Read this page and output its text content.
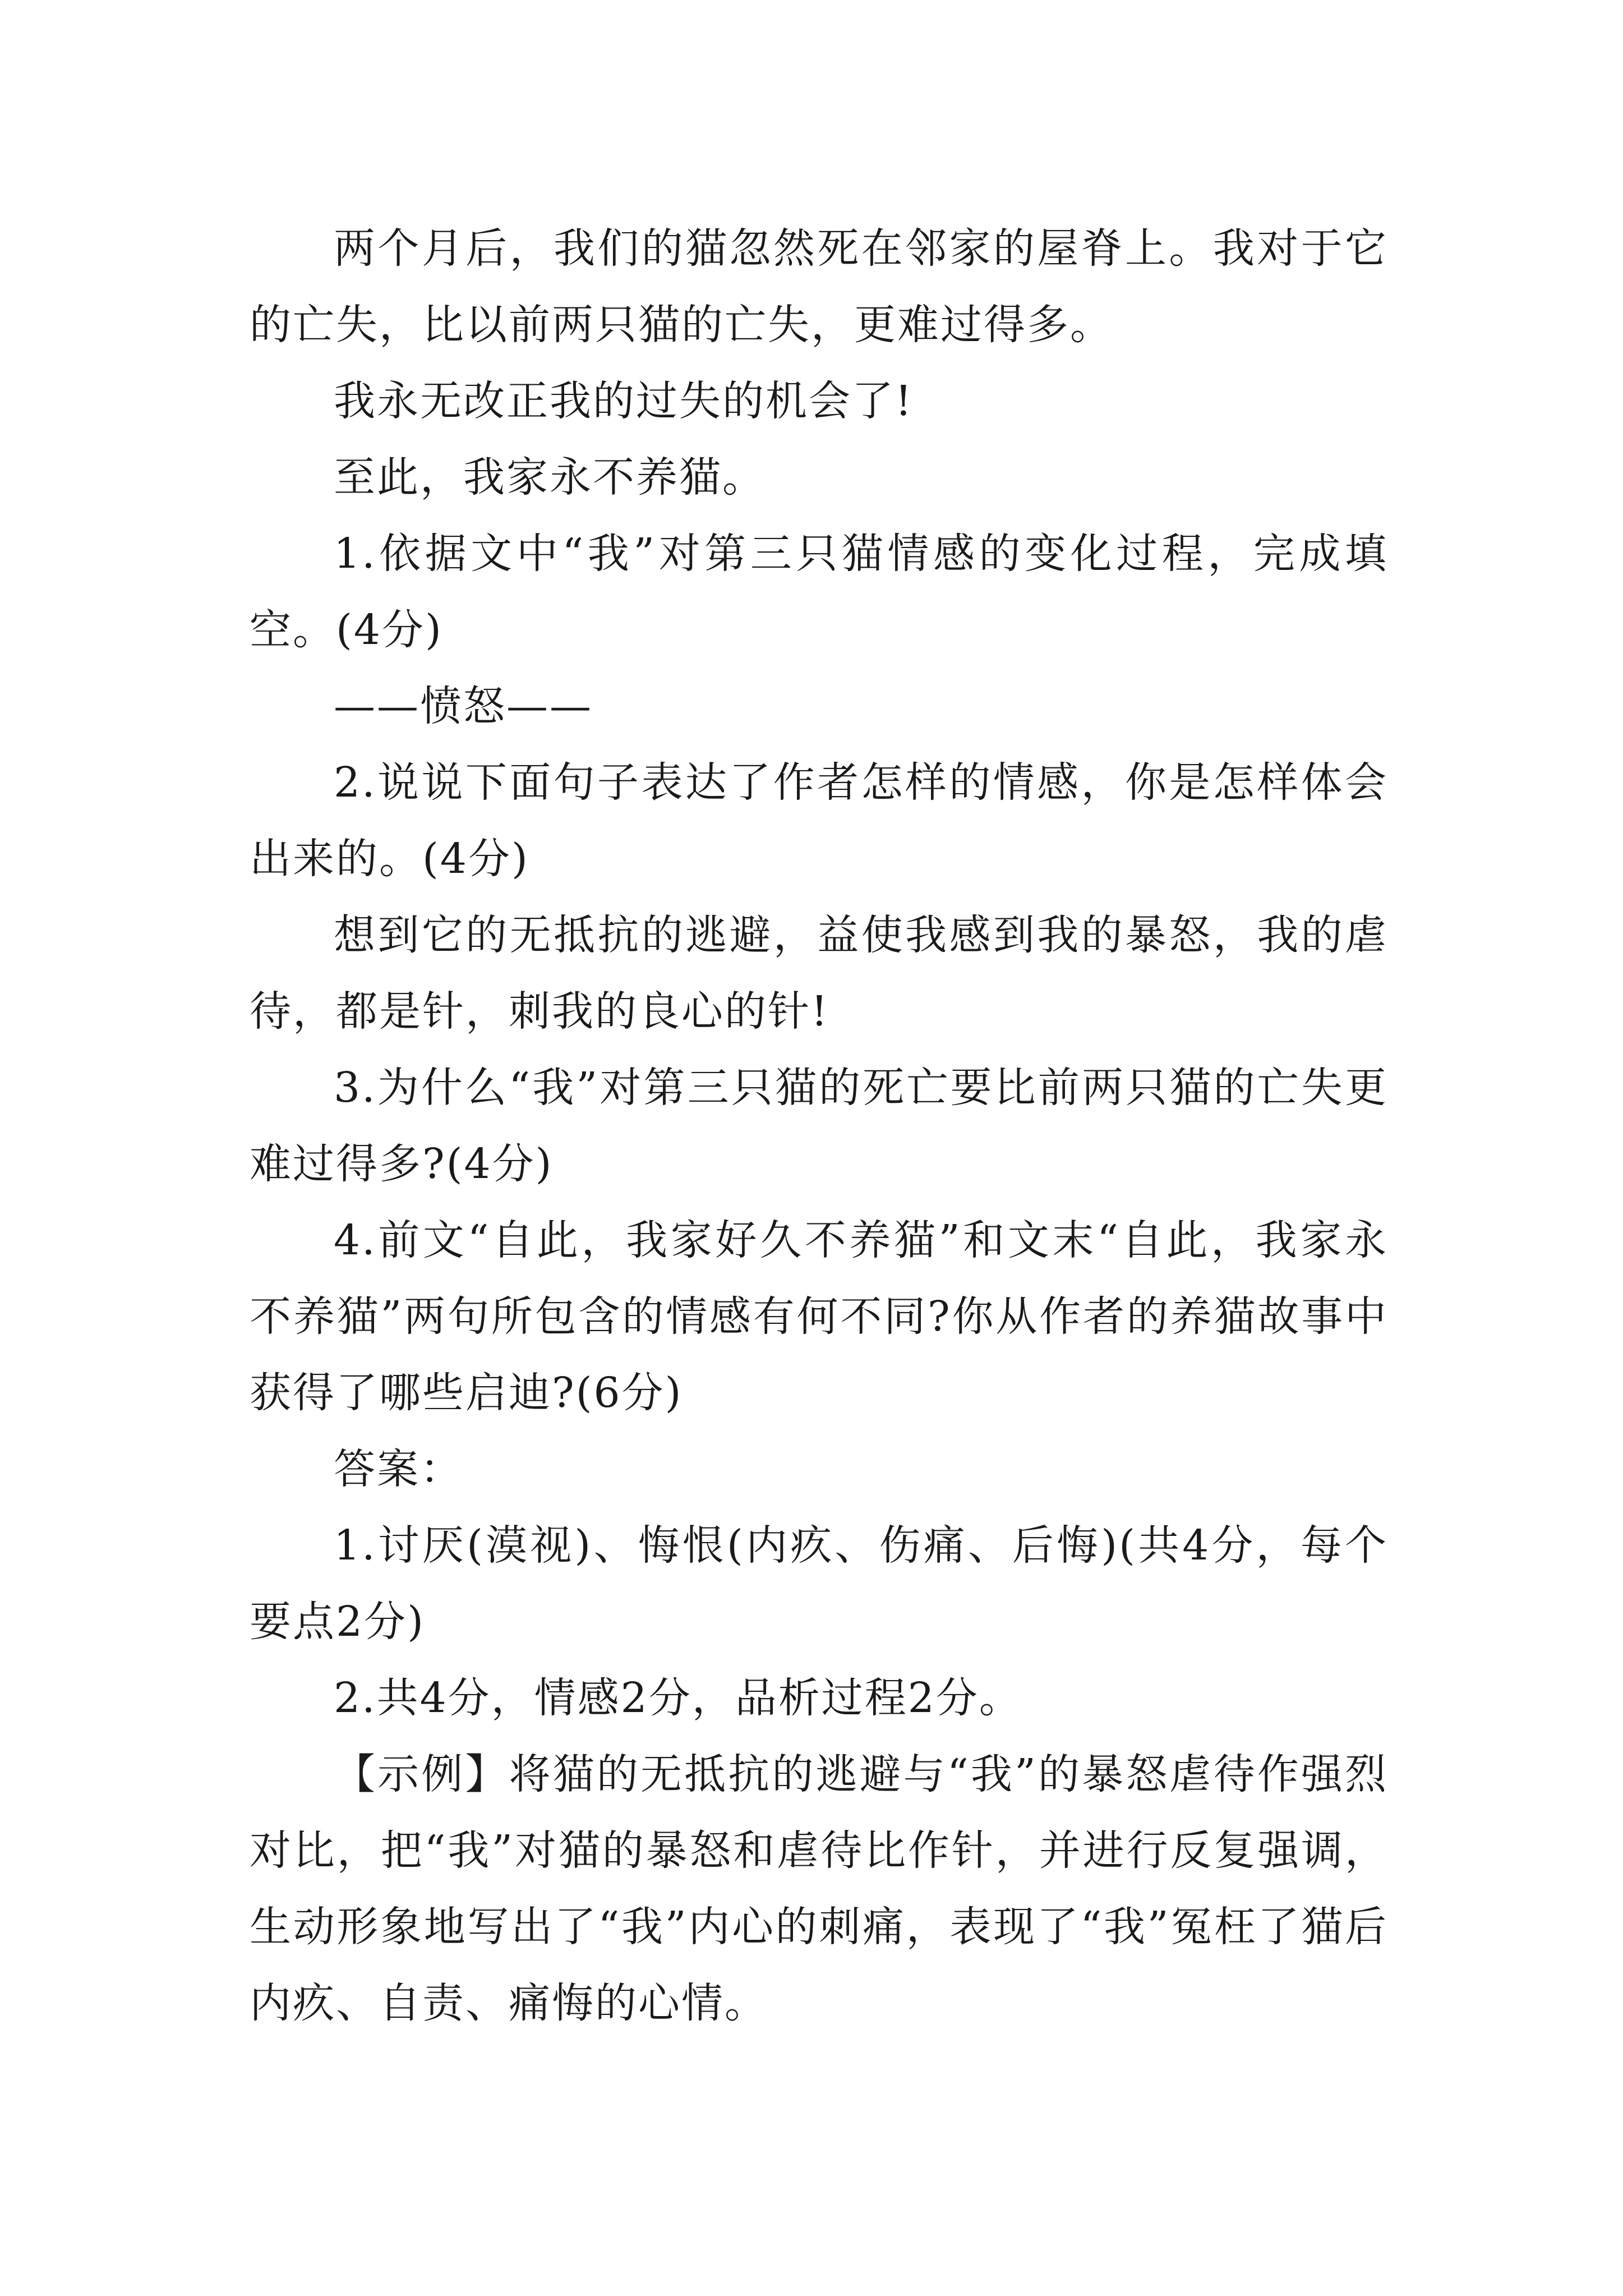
两个月后，我们的猫忽然死在邻家的屋脊上。我对于它的亡失，比以前两只猫的亡失，更难过得多。

我永无改正我的过失的机会了!

至此，我家永不养猫。

1.依据文中“我”对第三只猫情感的变化过程，完成填空。(4分)

——愤怒——

2.说说下面句子表达了作者怎样的情感，你是怎样体会出来的。(4分)

想到它的无抵抗的逃避，益使我感到我的暴怒，我的虐待，都是针，刺我的良心的针!

3.为什么“我”对第三只猫的死亡要比前两只猫的亡失更难过得多?(4分)

4.前文“自此，我家好久不养猫”和文末“自此，我家永不养猫”两句所包含的情感有何不同?你从作者的养猫故事中获得了哪些启迪?(6分)

答案：

1.讨厌(漠视)、悔恨(内疚、伤痛、后悔)(共4分，每个要点2分)

2.共4分，情感2分，品析过程2分。

【示例】将猫的无抵抗的逃避与“我”的暴怒虐待作强烈对比，把“我”对猫的暴怒和虐待比作针，并进行反复强调，生动形象地写出了“我”内心的刺痛，表现了“我”冤枉了猫后内疚、自责、痛悔的心情。
